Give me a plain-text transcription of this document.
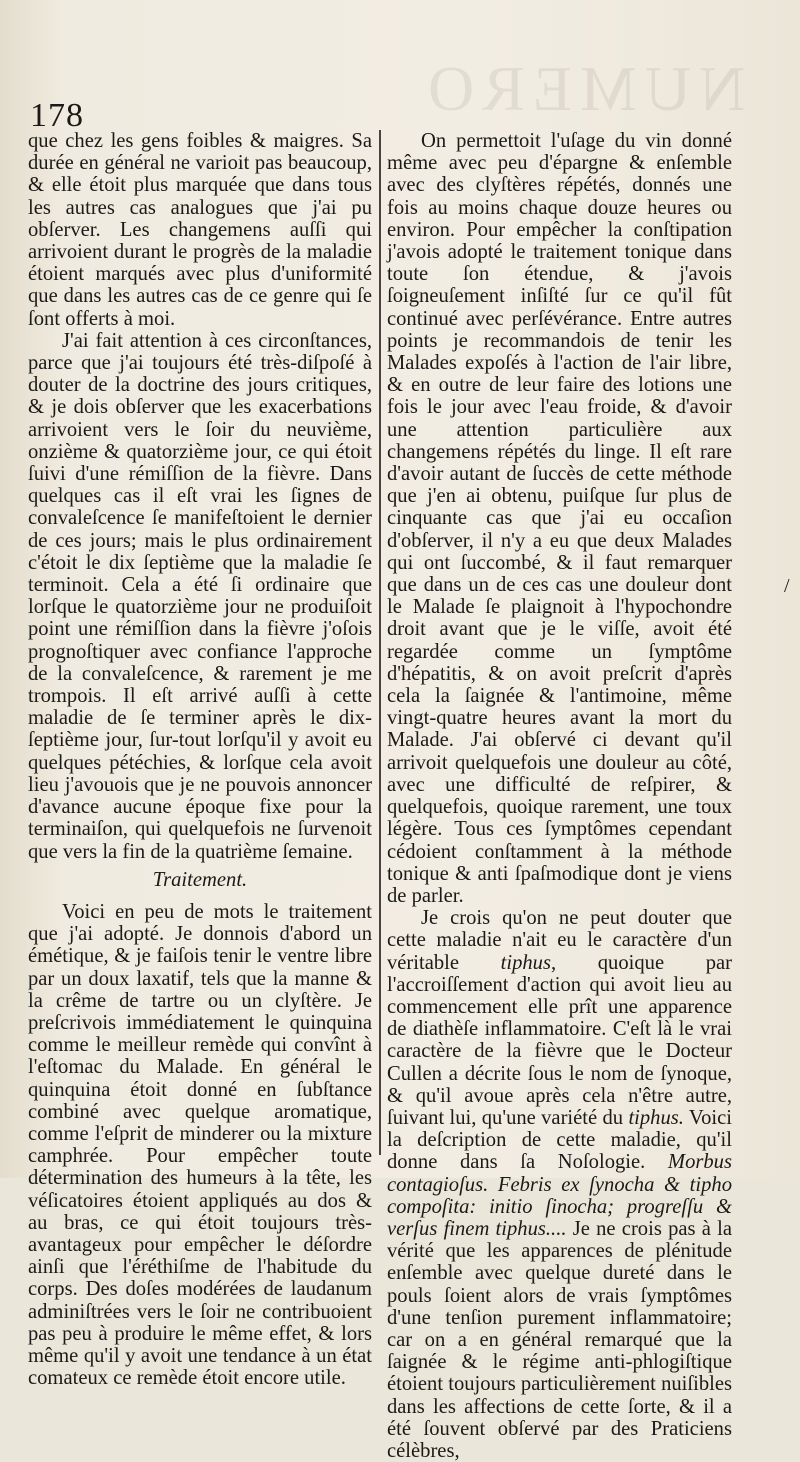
NUMERO
178

que chez les gens foibles & maigres. Sa durée en général ne varioit pas beaucoup, & elle étoit plus marquée que dans tous les autres cas analogues que j'ai pu obſerver. Les changemens auſſi qui arrivoient durant le progrès de la maladie étoient marqués avec plus d'uniformité que dans les autres cas de ce genre qui ſe ſont offerts à moi.

J'ai fait attention à ces circonſtances, parce que j'ai toujours été très-diſpoſé à douter de la doctrine des jours critiques, & je dois obſerver que les exacerbations arrivoient vers le ſoir du neuvième, onzième & quatorzième jour, ce qui étoit ſuivi d'une rémiſſion de la fièvre. Dans quelques cas il eſt vrai les ſignes de convaleſcence ſe manifeſtoient le dernier de ces jours; mais le plus ordinairement c'étoit le dix ſeptième que la maladie ſe terminoit. Cela a été ſi ordinaire que lorſque le quatorzième jour ne produiſoit point une rémiſſion dans la fièvre j'oſois prognoſtiquer avec confiance l'approche de la convaleſcence, & rarement je me trompois. Il eſt arrivé auſſi à cette maladie de ſe terminer après le dix-ſeptième jour, ſur-tout lorſqu'il y avoit eu quelques pétéchies, & lorſque cela avoit lieu j'avouois que je ne pouvois annoncer d'avance aucune époque fixe pour la terminaiſon, qui quelquefois ne ſurvenoit que vers la fin de la quatrième ſemaine.

Traitement.

Voici en peu de mots le traitement que j'ai adopté. Je donnois d'abord un émétique, & je faiſois tenir le ventre libre par un doux laxatif, tels que la manne & la crême de tartre ou un clyſtère. Je preſcrivois immédiatement le quinquina comme le meilleur remède qui convînt à l'eſtomac du Malade. En général le quinquina étoit donné en ſubſtance combiné avec quelque aromatique, comme l'eſprit de minderer ou la mixture camphrée. Pour empêcher toute détermination des humeurs à la tête, les véſicatoires étoient appliqués au dos & au bras, ce qui étoit toujours très-avantageux pour empêcher le déſordre ainſi que l'éréthiſme de l'habitude du corps. Des doſes modérées de laudanum adminiſtrées vers le ſoir ne contribuoient pas peu à produire le même effet, & lors même qu'il y avoit une tendance à un état comateux ce remède étoit encore utile.

On permettoit l'uſage du vin donné même avec peu d'épargne & enſemble avec des clyſtères répétés, donnés une fois au moins chaque douze heures ou environ. Pour empêcher la conſtipation j'avois adopté le traitement tonique dans toute ſon étendue, & j'avois ſoigneuſement inſiſté ſur ce qu'il fût continué avec perſévérance. Entre autres points je recommandois de tenir les Malades expoſés à l'action de l'air libre, & en outre de leur faire des lotions une fois le jour avec l'eau froide, & d'avoir une attention particulière aux changemens répétés du linge. Il eſt rare d'avoir autant de ſuccès de cette méthode que j'en ai obtenu, puiſque ſur plus de cinquante cas que j'ai eu occaſion d'obſerver, il n'y a eu que deux Malades qui ont ſuccombé, & il faut remarquer que dans un de ces cas une douleur dont le Malade ſe plaignoit à l'hypochondre droit avant que je le viſſe, avoit été regardée comme un ſymptôme d'hépatitis, & on avoit preſcrit d'après cela la ſaignée & l'antimoine, même vingt-quatre heures avant la mort du Malade. J'ai obſervé ci devant qu'il arrivoit quelquefois une douleur au côté, avec une difficulté de reſpirer, & quelquefois, quoique rarement, une toux légère. Tous ces ſymptômes cependant cédoient conſtamment à la méthode tonique & anti ſpaſmodique dont je viens de parler.

Je crois qu'on ne peut douter que cette maladie n'ait eu le caractère d'un véritable tiphus, quoique par l'accroiſſement d'action qui avoit lieu au commencement elle prît une apparence de diathèſe inflammatoire. C'eſt là le vrai caractère de la fièvre que le Docteur Cullen a décrite ſous le nom de ſynoque, & qu'il avoue après cela n'être autre, ſuivant lui, qu'une variété du tiphus. Voici la deſcription de cette maladie, qu'il donne dans ſa Noſologie. Morbus contagioſus. Febris ex ſynocha & tipho compoſita: initio ſinocha; progreſſu & verſus finem tiphus.... Je ne crois pas à la vérité que les apparences de plénitude enſemble avec quelque dureté dans le pouls ſoient alors de vrais ſymptômes d'une tenſion purement inflammatoire; car on a en général remarqué que la ſaignée & le régime anti-phlogiſtique étoient toujours particulièrement nuiſibles dans les affections de cette ſorte, & il a été ſouvent obſervé par des Praticiens célèbres,

/
